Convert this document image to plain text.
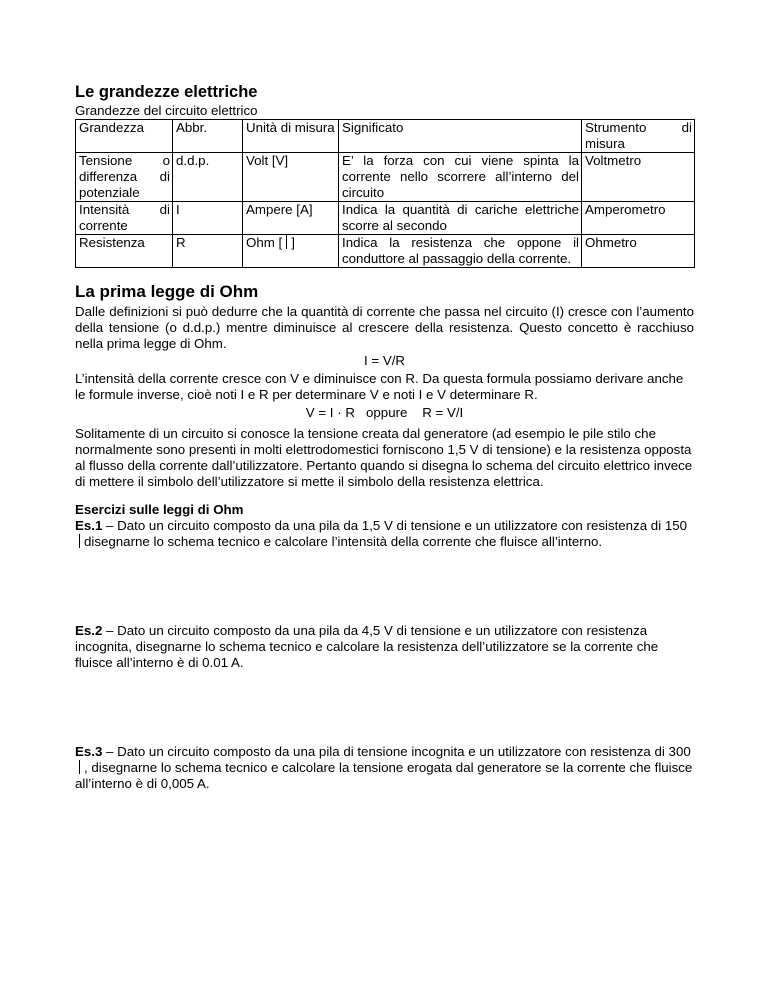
Le grandezze elettriche
Grandezze del circuito elettrico
Grandezza	Abbr.	Unità di misura	Significato	Strumento di misura

Tensione o differenza di potenziale	d.d.p.	Volt [V]	E’ la forza con cui viene spinta la corrente nello scorrere all’interno del circuito	Voltmetro

Intensità di corrente	I	Ampere [A]	Indica la quantità di cariche elettriche scorre al secondo	Amperometro
Resistenza	R	Ohm [ ]	Indica la resistenza che oppone il conduttore al passaggio della corrente.	Ohmetro
La prima legge di Ohm

Dalle definizioni si può dedurre che la quantità di corrente che passa nel circuito (I) cresce con l’aumento della tensione (o d.d.p.) mentre diminuisce al crescere della resistenza. Questo concetto è racchiuso nella prima legge di Ohm.

I = V/R

L’intensità della corrente cresce con V e diminuisce con R. Da questa formula possiamo derivare anche le formule inverse, cioè noti I e R per determinare V e noti I e V determinare R.

V = I · R oppure R = V/I

Solitamente di un circuito si conosce la tensione creata dal generatore (ad esempio le pile stilo che normalmente sono presenti in molti elettrodomestici forniscono 1,5 V di tensione) e la resistenza opposta al flusso della corrente dall’utilizzatore. Pertanto quando si disegna lo schema del circuito elettrico invece di mettere il simbolo dell’utilizzatore si mette il simbolo della resistenza elettrica.

Esercizi sulle leggi di Ohm

Es.1 – Dato un circuito composto da una pila da 1,5 V di tensione e un utilizzatore con resistenza di 150disegnarne lo schema tecnico e calcolare l’intensità della corrente che fluisce all’interno.

Es.2 – Dato un circuito composto da una pila da 4,5 V di tensione e un utilizzatore con resistenza incognita, disegnarne lo schema tecnico e calcolare la resistenza dell’utilizzatore se la corrente che fluisce all’interno è di 0.01 A.

Es.3 – Dato un circuito composto da una pila di tensione incognita e un utilizzatore con resistenza di 300, disegnarne lo schema tecnico e calcolare la tensione erogata dal generatore se la corrente che fluisce all’interno è di 0,005 A.
